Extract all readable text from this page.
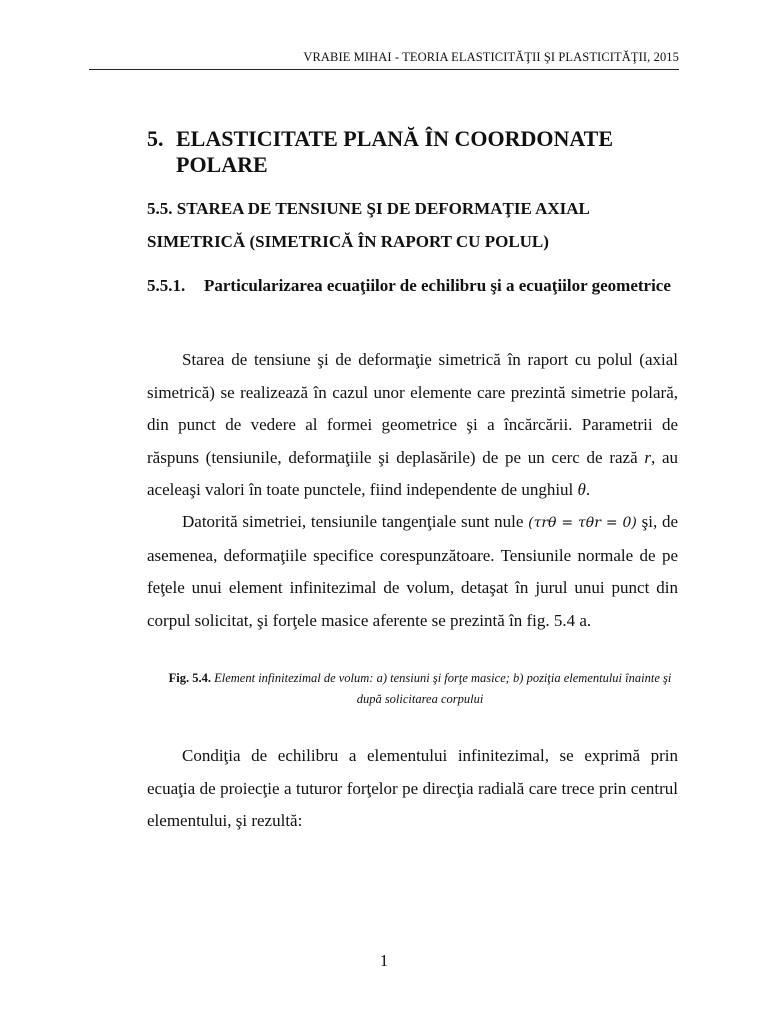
VRABIE MIHAI - TEORIA ELASTICITĂŢII ŞI PLASTICITĂŢII, 2015
5. ELASTICITATE PLANĂ ÎN COORDONATE POLARE
5.5. STAREA DE TENSIUNE ŞI DE DEFORMAŢIE AXIAL SIMETRICĂ (SIMETRICĂ ÎN RAPORT CU POLUL)
5.5.1.	Particularizarea ecuaţiilor de echilibru şi a ecuaţiilor geometrice
Starea de tensiune şi de deformaţie simetrică în raport cu polul (axial simetrică) se realizează în cazul unor elemente care prezintă simetrie polară, din punct de vedere al formei geometrice şi a încărcării. Parametrii de răspuns (tensiunile, deformaţiile şi deplasările) de pe un cerc de rază r, au aceleaşi valori în toate punctele, fiind independente de unghiul θ.
Datorită simetriei, tensiunile tangenţiale sunt nule (τrθ = τθr = 0) şi, de asemenea, deformaţiile specifice corespunzătoare. Tensiunile normale de pe feţele unui element infinitezimal de volum, detaşat în jurul unui punct din corpul solicitat, şi forţele masice aferente se prezintă în fig. 5.4 a.
Fig. 5.4. Element infinitezimal de volum: a) tensiuni şi forţe masice; b) poziţia elementului înainte şi după solicitarea corpului
Condiţia de echilibru a elementului infinitezimal, se exprimă prin ecuaţia de proiecţie a tuturor forţelor pe direcţia radială care trece prin centrul elementului, şi rezultă:
1
